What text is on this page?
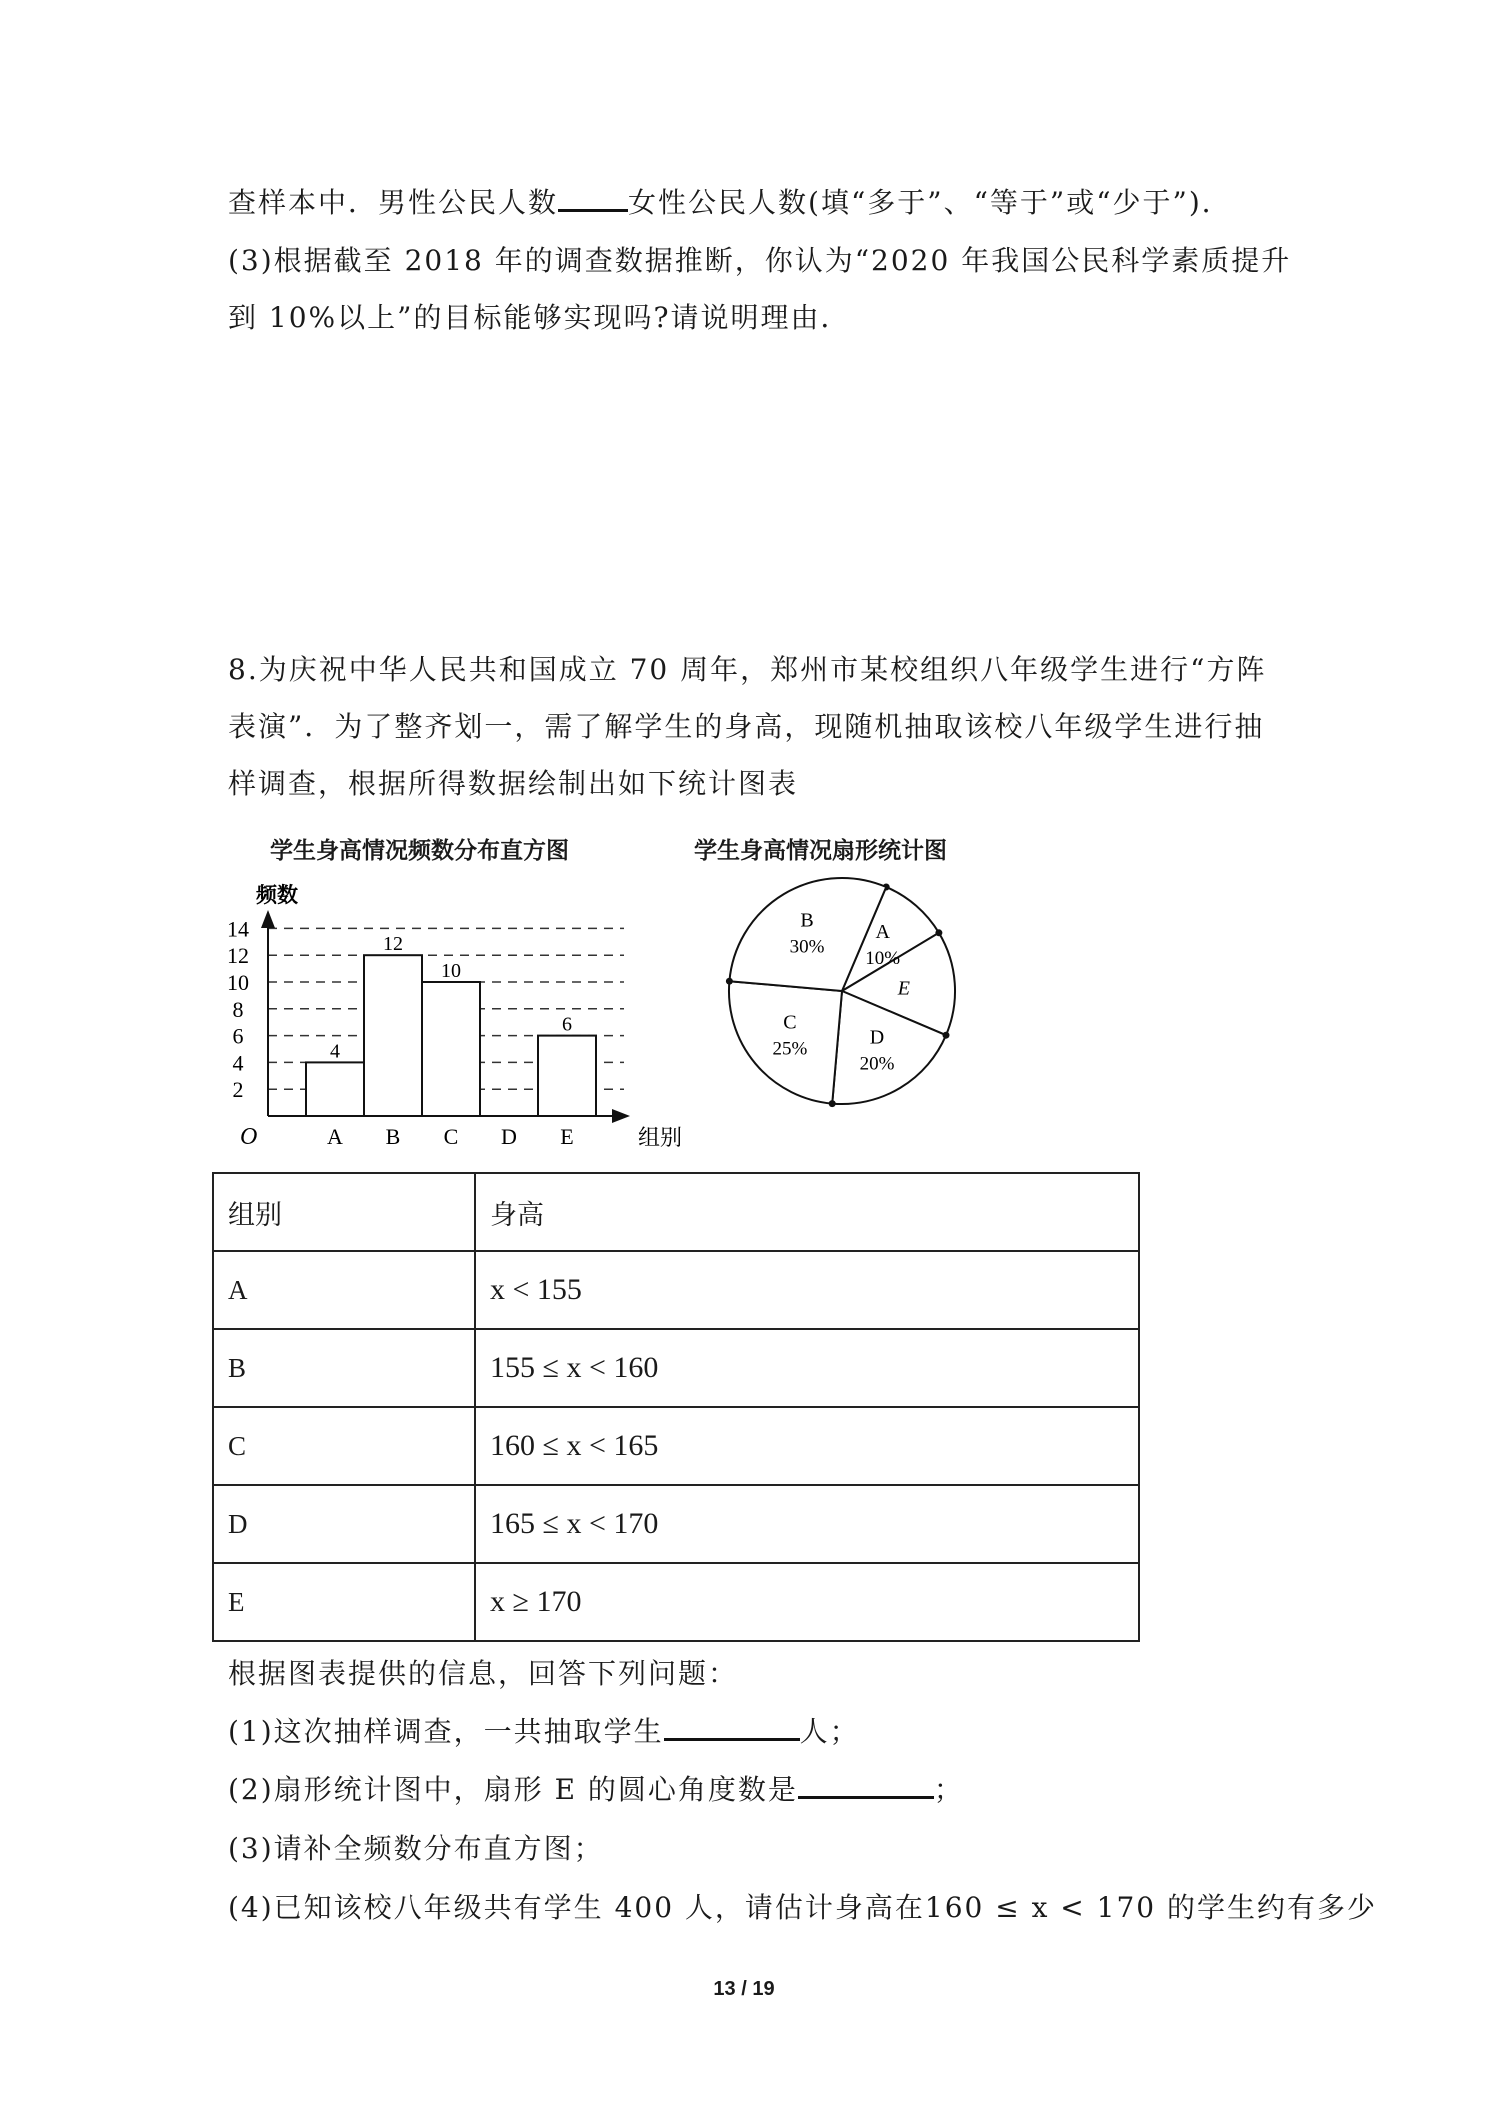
查样本中．男性公民人数	女性公民人数(填“多于”、“等于”或“少于”)．
(3)根据截至 2018 年的调查数据推断，你认为“2020 年我国公民科学素质提升
到 10%以上”的目标能够实现吗?请说明理由．
8.为庆祝中华人民共和国成立 70 周年，郑州市某校组织八年级学生进行“方阵
表演”．为了整齐划一，需了解学生的身高，现随机抽取该校八年级学生进行抽
样调查，根据所得数据绘制出如下统计图表
学生身高情况频数分布直方图	学生身高情况扇形统计图
2
4
6
8
10
12
14
A B C D E
4
12
10
6
频数
组别
O
A
10%
E
D
20%
C
25%
B
30%
组别	身高
A	x < 155
B	155 ≤ x < 160
C	160 ≤ x < 165
D	165 ≤ x < 170
E	x ≥ 170
根据图表提供的信息，回答下列问题：
(1)这次抽样调查，一共抽取学生	人；
(2)扇形统计图中，扇形 E 的圆心角度数是	；
(3)请补全频数分布直方图；
(4)已知该校八年级共有学生 400 人，请估计身高在160 ≤ x < 170 的学生约有多少
13 / 19
